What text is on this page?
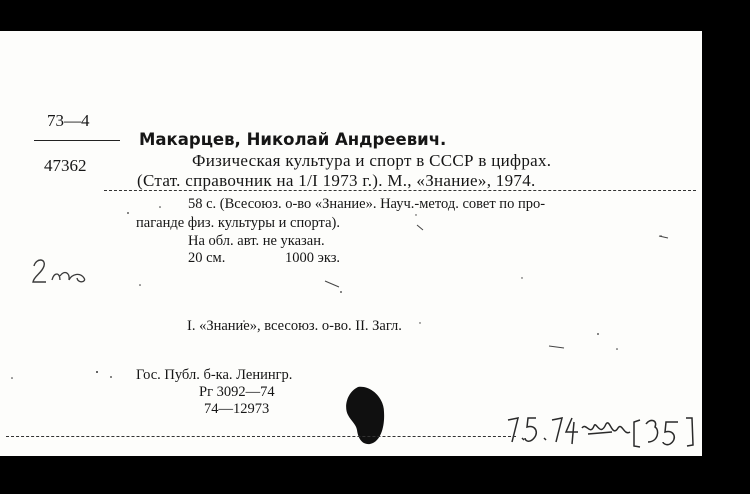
73—4
47362
Макарцев, Николай Андреевич.
Физическая культура и спорт в СССР в цифрах.
(Стат. справочник на 1/I 1973 г.). М., «Знание», 1974.
58 с. (Всесоюз. о-во «Знание». Науч.-метод. совет по про-
паганде физ. культуры и спорта).
На обл. авт. не указан.
20 см.	1000 экз.
I. «Знание», всесоюз. о-во. II. Загл.
Гос. Публ. б-ка. Ленингр.
Рг 3092—74
74—12973
